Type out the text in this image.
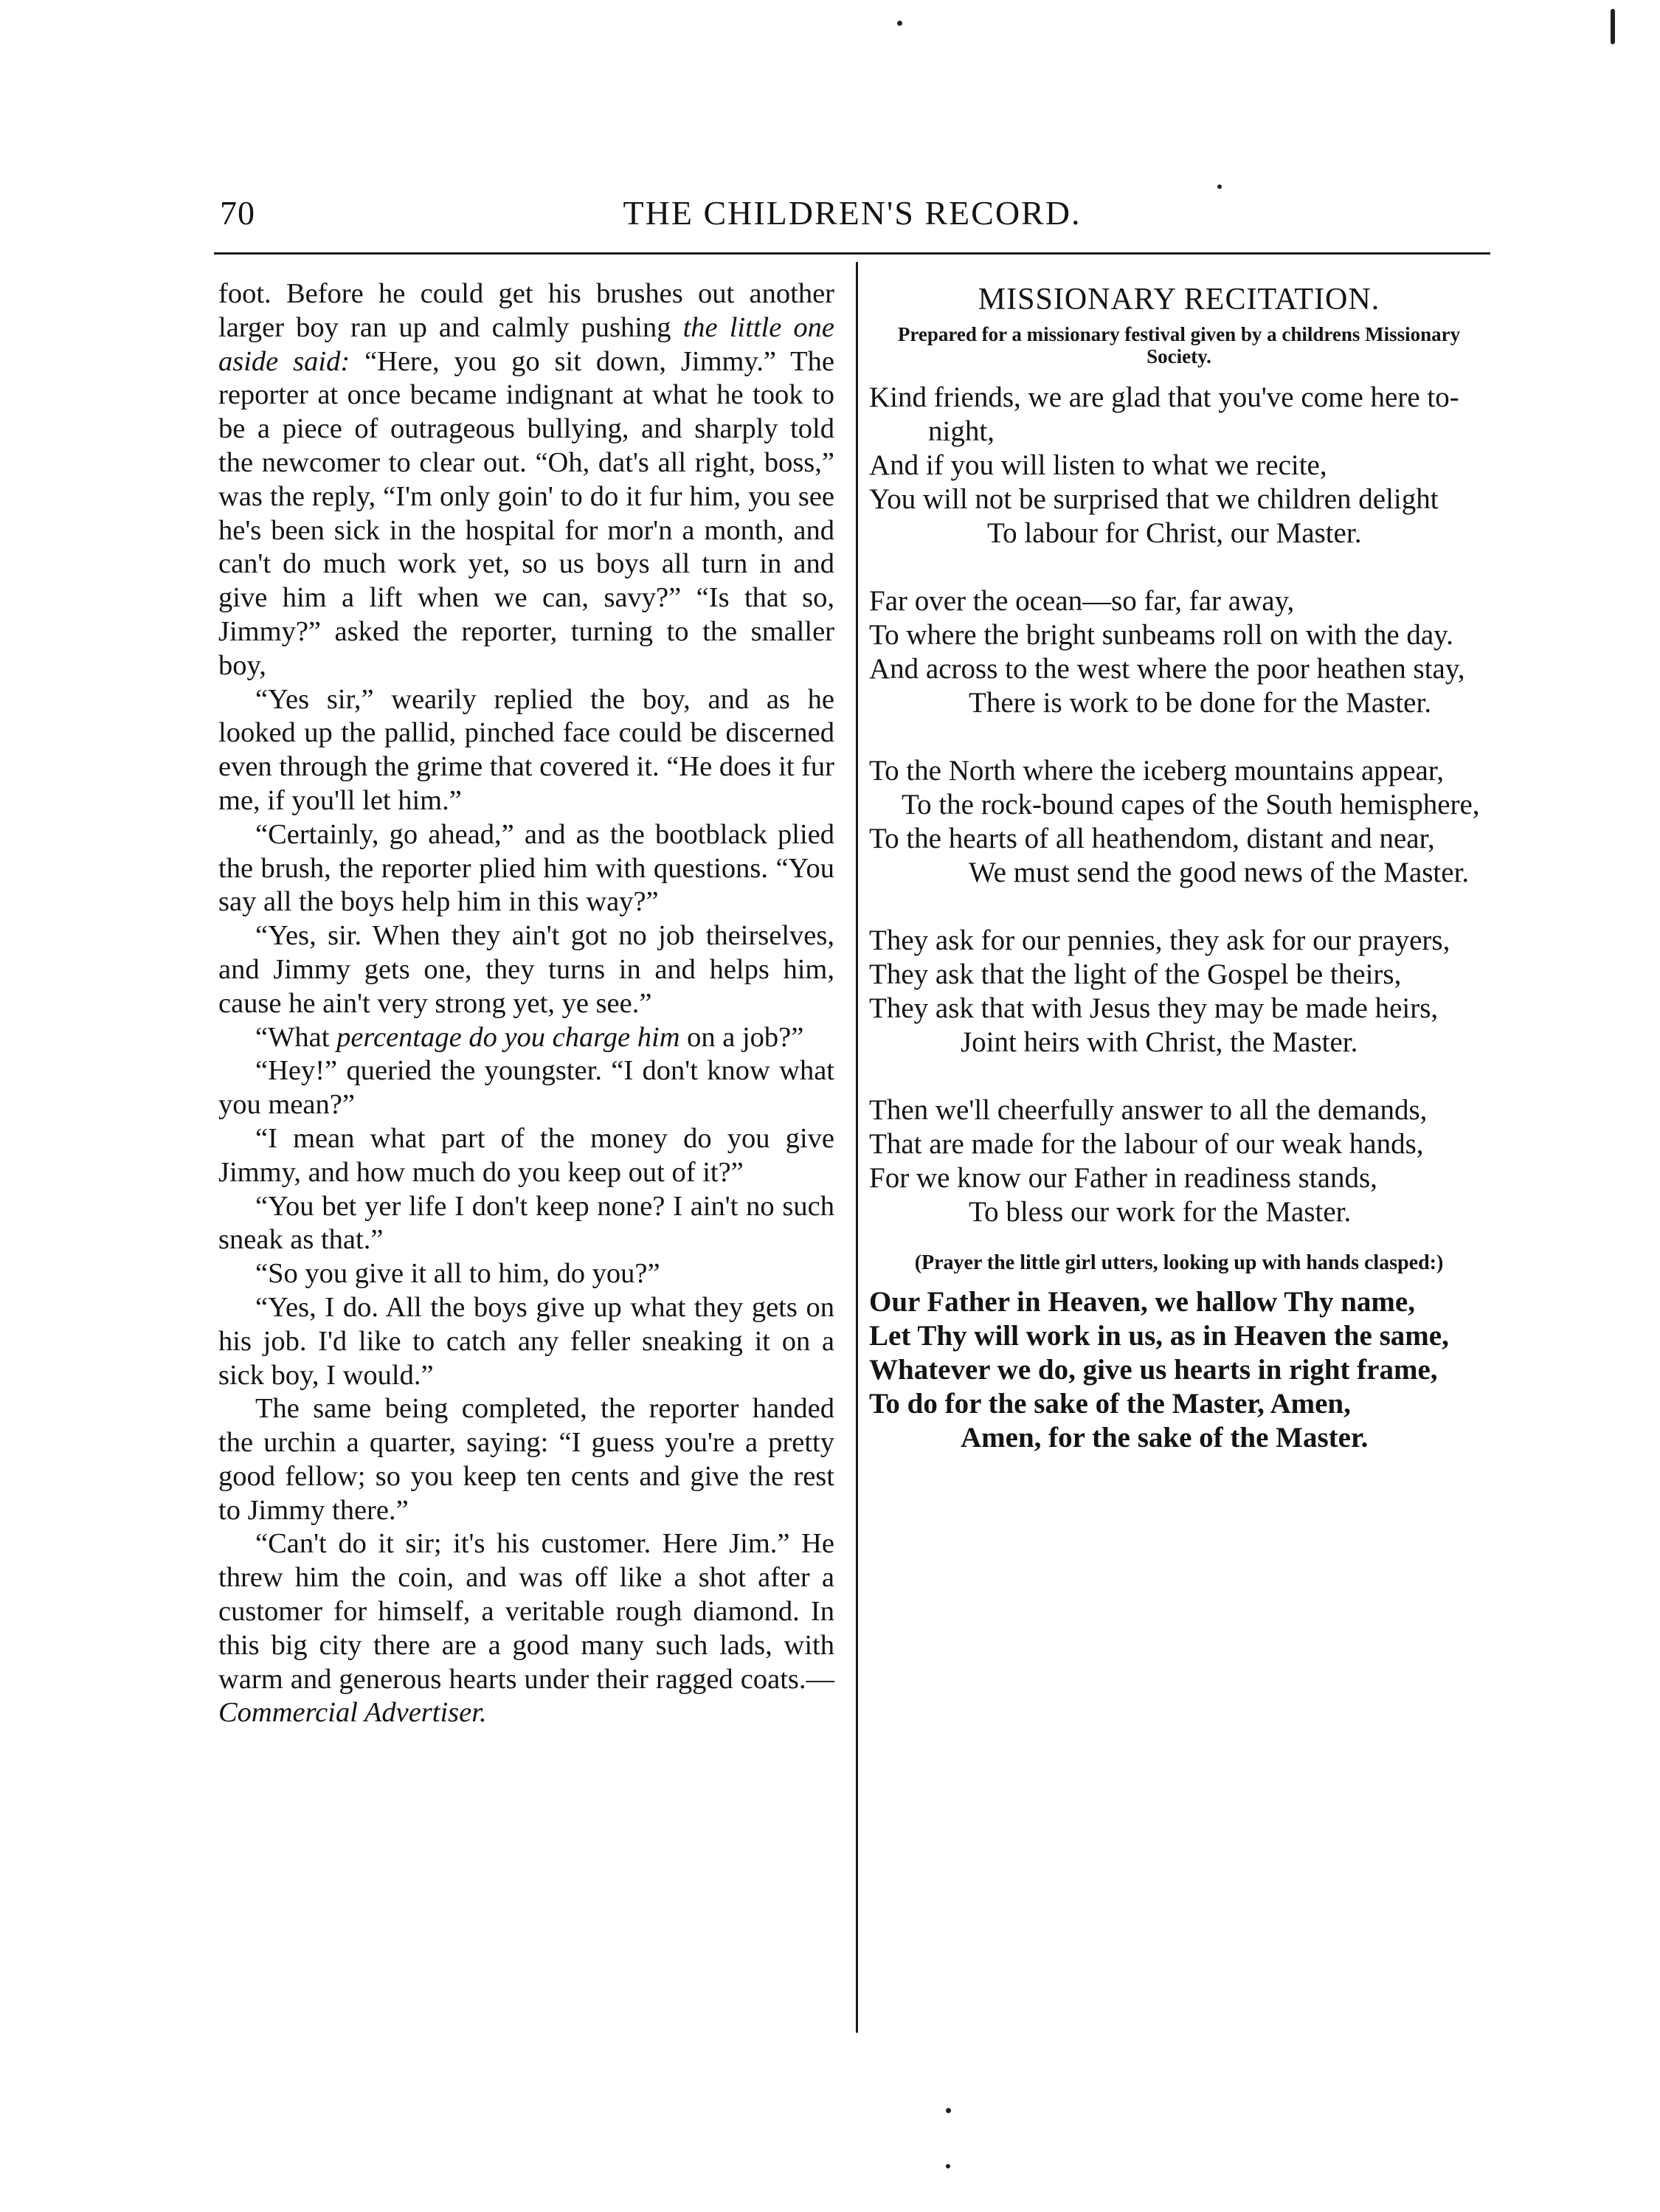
70	THE CHILDREN'S RECORD.

foot. Before he could get his brushes out another larger boy ran up and calmly pushing the little one aside said: “Here, you go sit down, Jimmy.” The reporter at once became indignant at what he took to be a piece of outrageous bullying, and sharply told the newcomer to clear out. “Oh, dat's all right, boss,” was the reply, “I'm only goin' to do it fur him, you see he's been sick in the hospital for mor'n a month, and can't do much work yet, so us boys all turn in and give him a lift when we can, savy?” “Is that so, Jimmy?” asked the reporter, turning to the smaller boy,

“Yes sir,” wearily replied the boy, and as he looked up the pallid, pinched face could be discerned even through the grime that covered it. “He does it fur me, if you'll let him.”

“Certainly, go ahead,” and as the bootblack plied the brush, the reporter plied him with questions. “You say all the boys help him in this way?”

“Yes, sir. When they ain't got no job theirselves, and Jimmy gets one, they turns in and helps him, cause he ain't very strong yet, ye see.”

“What percentage do you charge him on a job?”

“Hey!” queried the youngster. “I don't know what you mean?”

“I mean what part of the money do you give Jimmy, and how much do you keep out of it?”

“You bet yer life I don't keep none? I ain't no such sneak as that.”

“So you give it all to him, do you?”

“Yes, I do. All the boys give up what they gets on his job. I'd like to catch any feller sneaking it on a sick boy, I would.”

The same being completed, the reporter handed the urchin a quarter, saying: “I guess you're a pretty good fellow; so you keep ten cents and give the rest to Jimmy there.”

“Can't do it sir; it's his customer. Here Jim.” He threw him the coin, and was off like a shot after a customer for himself, a veritable rough diamond. In this big city there are a good many such lads, with warm and generous hearts under their ragged coats.—Commercial Advertiser.

MISSIONARY RECITATION.
Prepared for a missionary festival given by a childrens Missionary Society.
Kind friends, we are glad that you've come here to-night,
And if you will listen to what we recite,
You will not be surprised that we children delight
To labour for Christ, our Master.
Far over the ocean—so far, far away,
To where the bright sunbeams roll on with the day.
And across to the west where the poor heathen stay,
There is work to be done for the Master.
To the North where the iceberg mountains appear,
To the rock-bound capes of the South hemisphere,
To the hearts of all heathendom, distant and near,
We must send the good news of the Master.
They ask for our pennies, they ask for our prayers,
They ask that the light of the Gospel be theirs,
They ask that with Jesus they may be made heirs,
Joint heirs with Christ, the Master.
Then we'll cheerfully answer to all the demands,
That are made for the labour of our weak hands,
For we know our Father in readiness stands,
To bless our work for the Master.
(Prayer the little girl utters, looking up with hands clasped:)
Our Father in Heaven, we hallow Thy name,
Let Thy will work in us, as in Heaven the same,
Whatever we do, give us hearts in right frame,
To do for the sake of the Master, Amen,
Amen, for the sake of the Master.
